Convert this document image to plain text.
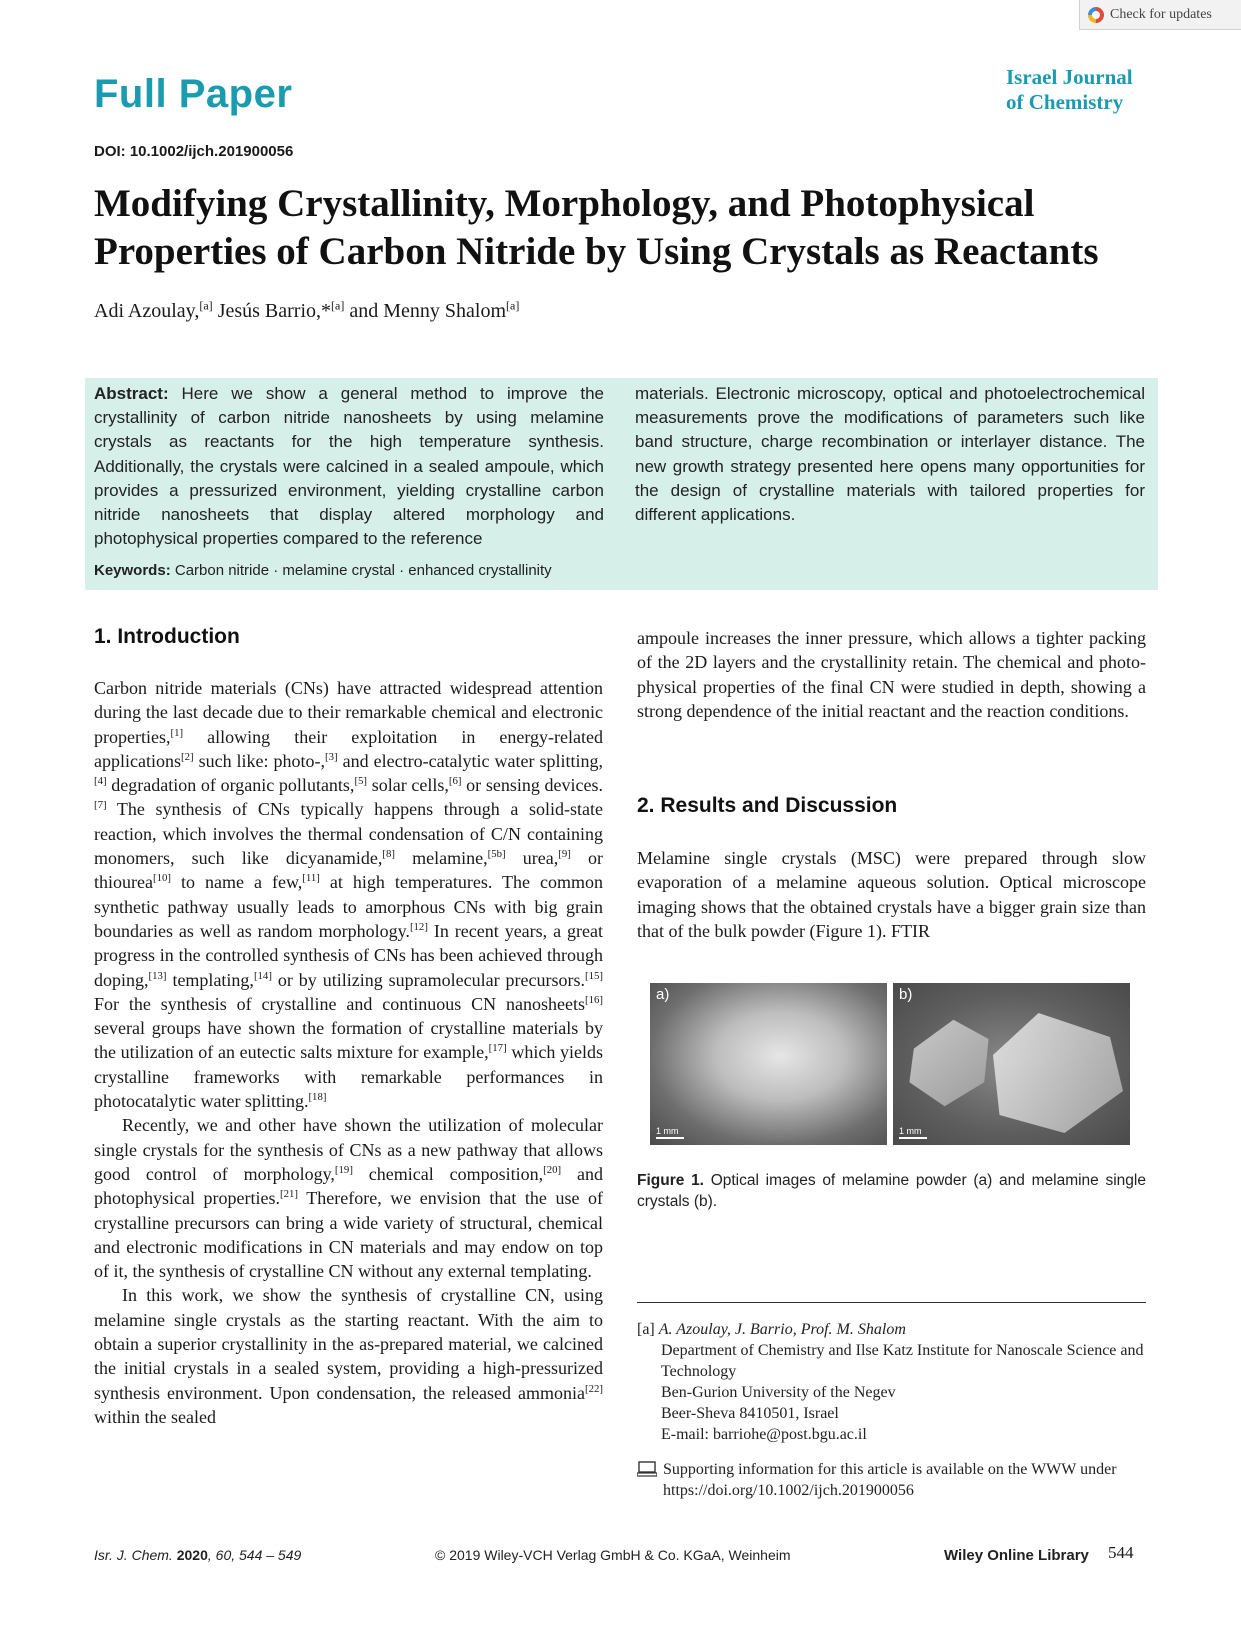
Check for updates
Full Paper	Israel Journal
of Chemistry
DOI: 10.1002/ijch.201900056
Modifying Crystallinity, Morphology, and Photophysical
Properties of Carbon Nitride by Using Crystals as Reactants
Adi Azoulay,[a] Jesús Barrio,*[a] and Menny Shalom[a]
Abstract: Here we show a general method to improve the crystallinity of carbon nitride nanosheets by using melamine crystals as reactants for the high temperature synthesis. Additionally, the crystals were calcined in a sealed ampoule, which provides a pressurized environment, yielding crystalline carbon nitride nanosheets that display altered morphology and photophysical properties compared to the reference
materials. Electronic microscopy, optical and photoelectrochemical measurements prove the modifications of parameters such like band structure, charge recombination or interlayer distance. The new growth strategy presented here opens many opportunities for the design of crystalline materials with tailored properties for different applications.
Keywords: Carbon nitride · melamine crystal · enhanced crystallinity
1. Introduction

Carbon nitride materials (CNs) have attracted widespread attention during the last decade due to their remarkable chemical and electronic properties,[1] allowing their exploitation in energy-related applications[2] such like: photo-,[3] and electro-catalytic water splitting,[4] degradation of organic pollutants,[5] solar cells,[6] or sensing devices.[7] The synthesis of CNs typically happens through a solid-state reaction, which involves the thermal condensation of C/N containing monomers, such like dicyanamide,[8] melamine,[5b] urea,[9] or thiourea[10] to name a few,[11] at high temperatures. The common synthetic pathway usually leads to amorphous CNs with big grain boundaries as well as random morphology.[12] In recent years, a great progress in the controlled synthesis of CNs has been achieved through doping,[13] templating,[14] or by utilizing supramolecular precursors.[15] For the synthesis of crystalline and continuous CN nanosheets[16] several groups have shown the formation of crystalline materials by the utilization of an eutectic salts mixture for example,[17] which yields crystalline frameworks with remarkable performances in photocatalytic water splitting.[18]

Recently, we and other have shown the utilization of molecular single crystals for the synthesis of CNs as a new pathway that allows good control of morphology,[19] chemical composition,[20] and photophysical properties.[21] Therefore, we envision that the use of crystalline precursors can bring a wide variety of structural, chemical and electronic modifications in CN materials and may endow on top of it, the synthesis of crystalline CN without any external templating.

In this work, we show the synthesis of crystalline CN, using melamine single crystals as the starting reactant. With the aim to obtain a superior crystallinity in the as-prepared material, we calcined the initial crystals in a sealed system, providing a high-pressurized synthesis environment. Upon condensation, the released ammonia[22] within the sealed

ampoule increases the inner pressure, which allows a tighter packing of the 2D layers and the crystallinity retain. The chemical and photo-physical properties of the final CN were studied in depth, showing a strong dependence of the initial reactant and the reaction conditions.
2. Results and Discussion
Melamine single crystals (MSC) were prepared through slow evaporation of a melamine aqueous solution. Optical microscope imaging shows that the obtained crystals have a bigger grain size than that of the bulk powder (Figure 1). FTIR
a)
1 mm
b)
1 mm
Figure 1. Optical images of melamine powder (a) and melamine single crystals (b).
[a] A. Azoulay, J. Barrio, Prof. M. Shalom
Department of Chemistry and Ilse Katz Institute for Nanoscale Science and Technology
Ben-Gurion University of the Negev
Beer-Sheva 8410501, Israel
E-mail: barriohe@post.bgu.ac.il
Supporting information for this article is available on the WWW under https://doi.org/10.1002/ijch.201900056
Isr. J. Chem. 2020, 60, 544 – 549	© 2019 Wiley-VCH Verlag GmbH & Co. KGaA, Weinheim	Wiley Online Library 544
